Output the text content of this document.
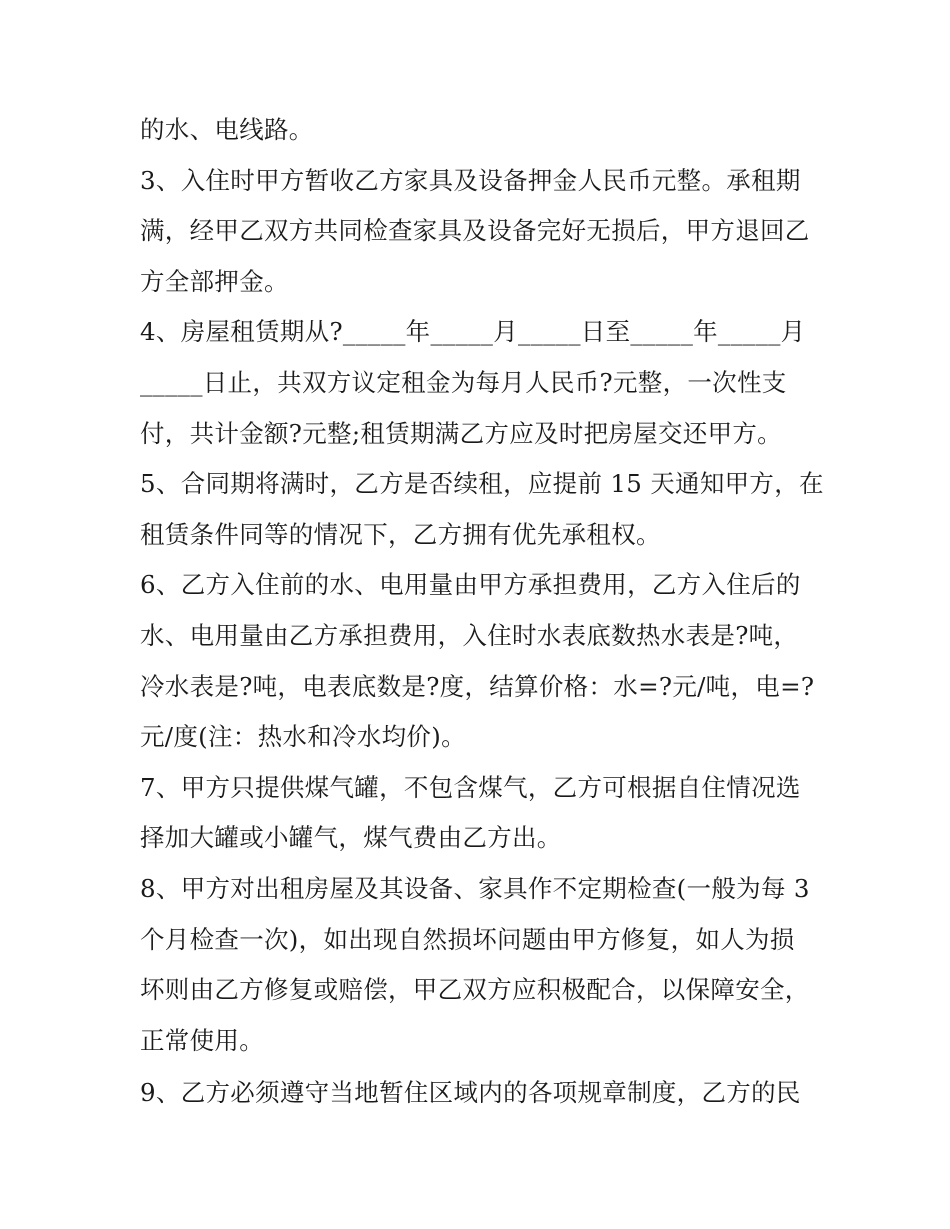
的水、电线路。
3、入住时甲方暂收乙方家具及设备押金人民币元整。承租期
满，经甲乙双方共同检查家具及设备完好无损后，甲方退回乙
方全部押金。
4、房屋租赁期从?_____年_____月_____日至_____年_____月
_____日止，共双方议定租金为每月人民币?元整，一次性支
付，共计金额?元整;租赁期满乙方应及时把房屋交还甲方。
5、合同期将满时，乙方是否续租，应提前 15 天通知甲方，在
租赁条件同等的情况下，乙方拥有优先承租权。
6、乙方入住前的水、电用量由甲方承担费用，乙方入住后的
水、电用量由乙方承担费用，入住时水表底数热水表是?吨，
冷水表是?吨，电表底数是?度，结算价格：水=?元/吨，电=?
元/度(注：热水和冷水均价)。
7、甲方只提供煤气罐，不包含煤气，乙方可根据自住情况选
择加大罐或小罐气，煤气费由乙方出。
8、甲方对出租房屋及其设备、家具作不定期检查(一般为每 3
个月检查一次)，如出现自然损坏问题由甲方修复，如人为损
坏则由乙方修复或赔偿，甲乙双方应积极配合，以保障安全，
正常使用。
9、乙方必须遵守当地暂住区域内的各项规章制度，乙方的民
